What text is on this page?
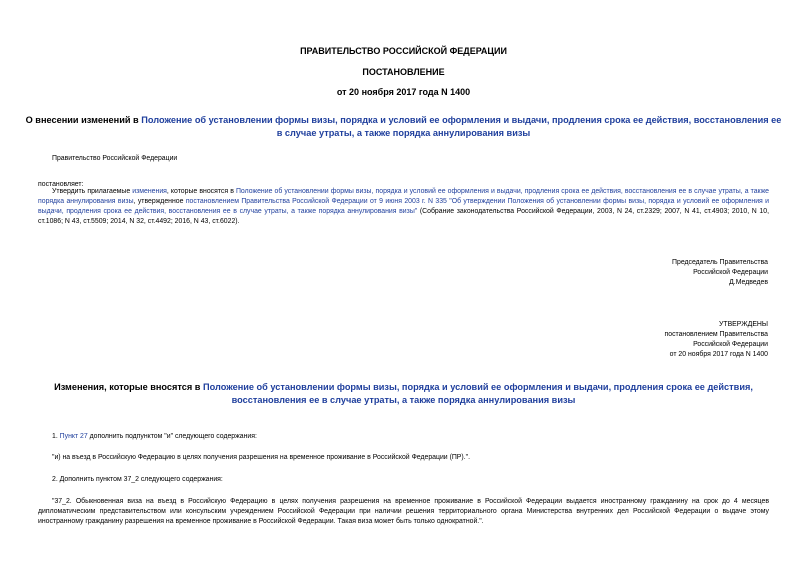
ПРАВИТЕЛЬСТВО РОССИЙСКОЙ ФЕДЕРАЦИИ
ПОСТАНОВЛЕНИЕ
от 20 ноября 2017 года N 1400
О внесении изменений в Положение об установлении формы визы, порядка и условий ее оформления и выдачи, продления срока ее действия, восстановления ее в случае утраты, а также порядка аннулирования визы
Правительство Российской Федерации
постановляет:
Утвердить прилагаемые изменения, которые вносятся в Положение об установлении формы визы, порядка и условий ее оформления и выдачи, продления срока ее действия, восстановления ее в случае утраты, а также порядка аннулирования визы, утвержденное постановлением Правительства Российской Федерации от 9 июня 2003 г. N 335 "Об утверждении Положения об установлении формы визы, порядка и условий ее оформления и выдачи, продления срока ее действия, восстановления ее в случае утраты, а также порядка аннулирования визы" (Собрание законодательства Российской Федерации, 2003, N 24, ст.2329; 2007, N 41, ст.4903; 2010, N 10, ст.1086; N 43, ст.5509; 2014, N 32, ст.4492; 2016, N 43, ст.6022).
Председатель Правительства
Российской Федерации
Д.Медведев
УТВЕРЖДЕНЫ
постановлением Правительства
Российской Федерации
от 20 ноября 2017 года N 1400
Изменения, которые вносятся в Положение об установлении формы визы, порядка и условий ее оформления и выдачи, продления срока ее действия, восстановления ее в случае утраты, а также порядка аннулирования визы
1. Пункт 27 дополнить подпунктом "и" следующего содержания:
"и) на въезд в Российскую Федерацию в целях получения разрешения на временное проживание в Российской Федерации (ПР).".
2. Дополнить пунктом 37_2 следующего содержания:
"37_2. Обыкновенная виза на въезд в Российскую Федерацию в целях получения разрешения на временное проживание в Российской Федерации выдается иностранному гражданину на срок до 4 месяцев дипломатическим представительством или консульским учреждением Российской Федерации при наличии решения территориального органа Министерства внутренних дел Российской Федерации о выдаче этому иностранному гражданину разрешения на временное проживание в Российской Федерации. Такая виза может быть только однократной.".
